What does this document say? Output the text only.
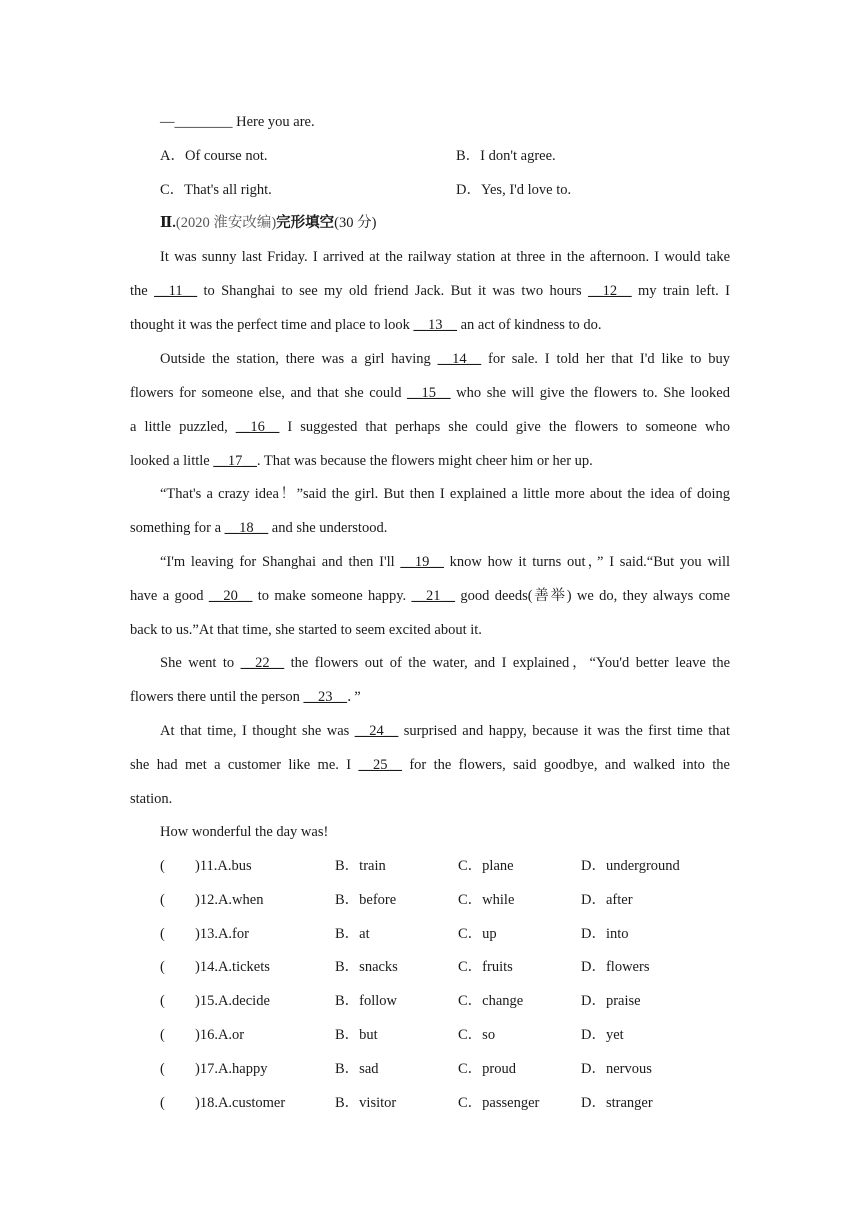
—________ Here you are.
A．Of course not.	B．I don't agree.
C．That's all right.	D．Yes, I'd love to.
Ⅱ.(2020 淮安改编)完形填空(30 分)
It was sunny last Friday. I arrived at the railway station at three in the afternoon. I would take
the __11__ to Shanghai to see my old friend Jack. But it was two hours __12__ my train left. I
thought it was the perfect time and place to look __13__ an act of kindness to do.
Outside the station, there was a girl having __14__ for sale. I told her that I'd like to buy
flowers for someone else, and that she could __15__ who she will give the flowers to. She looked
a little puzzled, __16__ I suggested that perhaps she could give the flowers to someone who
looked a little __17__. That was because the flowers might cheer him or her up.
“That's a crazy idea！”said the girl. But then I explained a little more about the idea of doing
something for a __18__ and she understood.
“I'm leaving for Shanghai and then I'll __19__ know how it turns out，” I said.“But you will
have a good __20__ to make someone happy. __21__ good deeds(善举) we do, they always come
back to us.”At that time, she started to seem excited about it.
She went to __22__ the flowers out of the water, and I explained，“You'd better leave the
flowers there until the person __23__．”
At that time, I thought she was __24__ surprised and happy, because it was the first time that
she had met a customer like me. I __25__ for the flowers, said goodbye, and walked into the
station.
How wonderful the day was!
( )11.A.bus	B．train	C．plane	D．underground
( )12.A.when	B．before	C．while	D．after
( )13.A.for	B．at	C．up	D．into
( )14.A.tickets	B．snacks	C．fruits	D．flowers
( )15.A.decide	B．follow	C．change	D．praise
( )16.A.or	B．but	C．so	D．yet
( )17.A.happy	B．sad	C．proud	D．nervous
( )18.A.customer	B．visitor	C．passenger	D．stranger
